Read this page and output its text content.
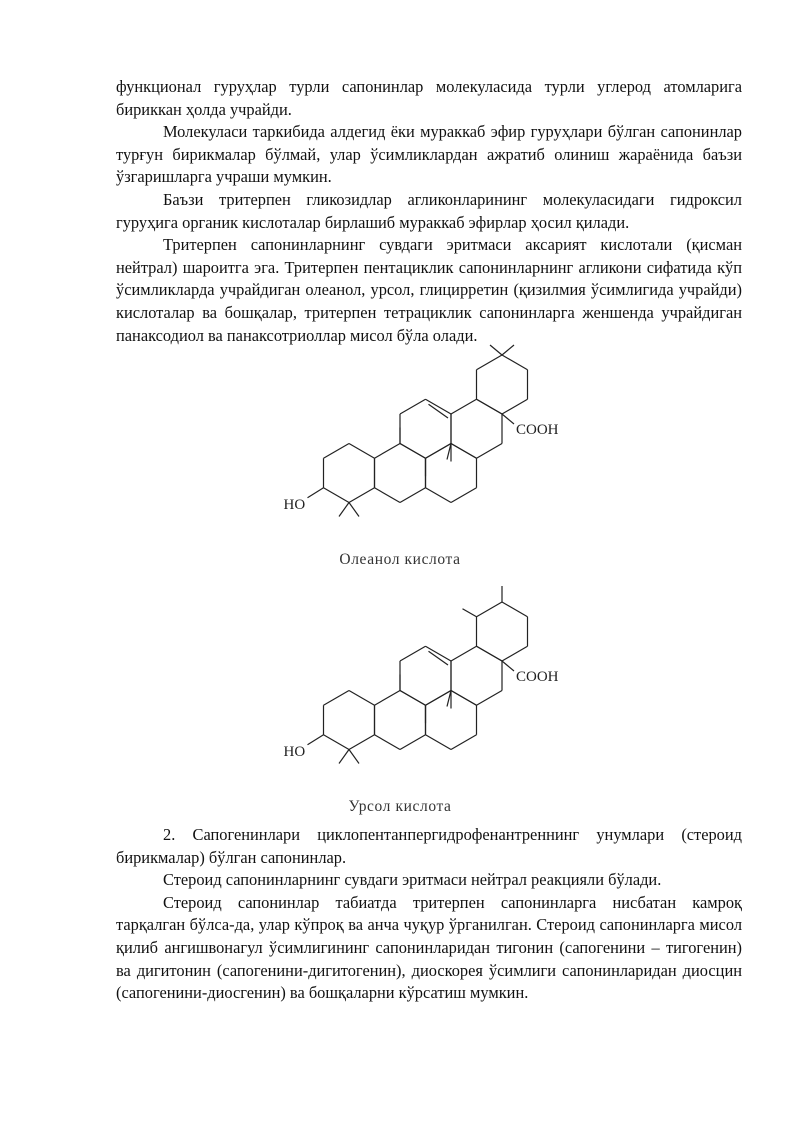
функционал гуруҳлар турли сапонинлар молекуласида турли углерод атомларига бириккан ҳолда учрайди.

Молекуласи таркибида алдегид ёки мураккаб эфир гуруҳлари бўлган сапонинлар турғун бирикмалар бўлмай, улар ўсимликлардан ажратиб олиниш жараёнида баъзи ўзгаришларга учраши мумкин.

Баъзи тритерпен гликозидлар агликонларининг молекуласидаги гидроксил гуруҳига органик кислоталар бирлашиб мураккаб эфирлар ҳосил қилади.

Тритерпен сапонинларнинг сувдаги эритмаси аксарият кислотали (қисман нейтрал) шароитга эга. Тритерпен пентациклик сапонинларнинг агликони сифатида кўп ўсимликларда учрайдиган олеанол, урсол, глицирретин (қизилмия ўсимлигида учрайди) кислоталар ва бошқалар, тритерпен тетрациклик сапонинларга женшенда учрайдиган панаксодиол ва панаксотриоллар мисол бўла олади.

HO
COOH
Олеанол кислота
HO
COOH
Урсол кислота

2. Сапогенинлари циклопентанпергидрофенантреннинг унумлари (стероид бирикмалар) бўлган сапонинлар.

Стероид сапонинларнинг сувдаги эритмаси нейтрал реакцияли бўлади.

Стероид сапонинлар табиатда тритерпен сапонинларга нисбатан камроқ тарқалган бўлса-да, улар кўпроқ ва анча чуқур ўрганилган. Стероид сапонинларга мисол қилиб ангишвонагул ўсимлигининг сапонинларидан тигонин (сапогенини – тигогенин) ва дигитонин (сапогенини-дигитогенин), диоскорея ўсимлиги сапонинларидан диосцин (сапогенини-диосгенин) ва бошқаларни кўрсатиш мумкин.
